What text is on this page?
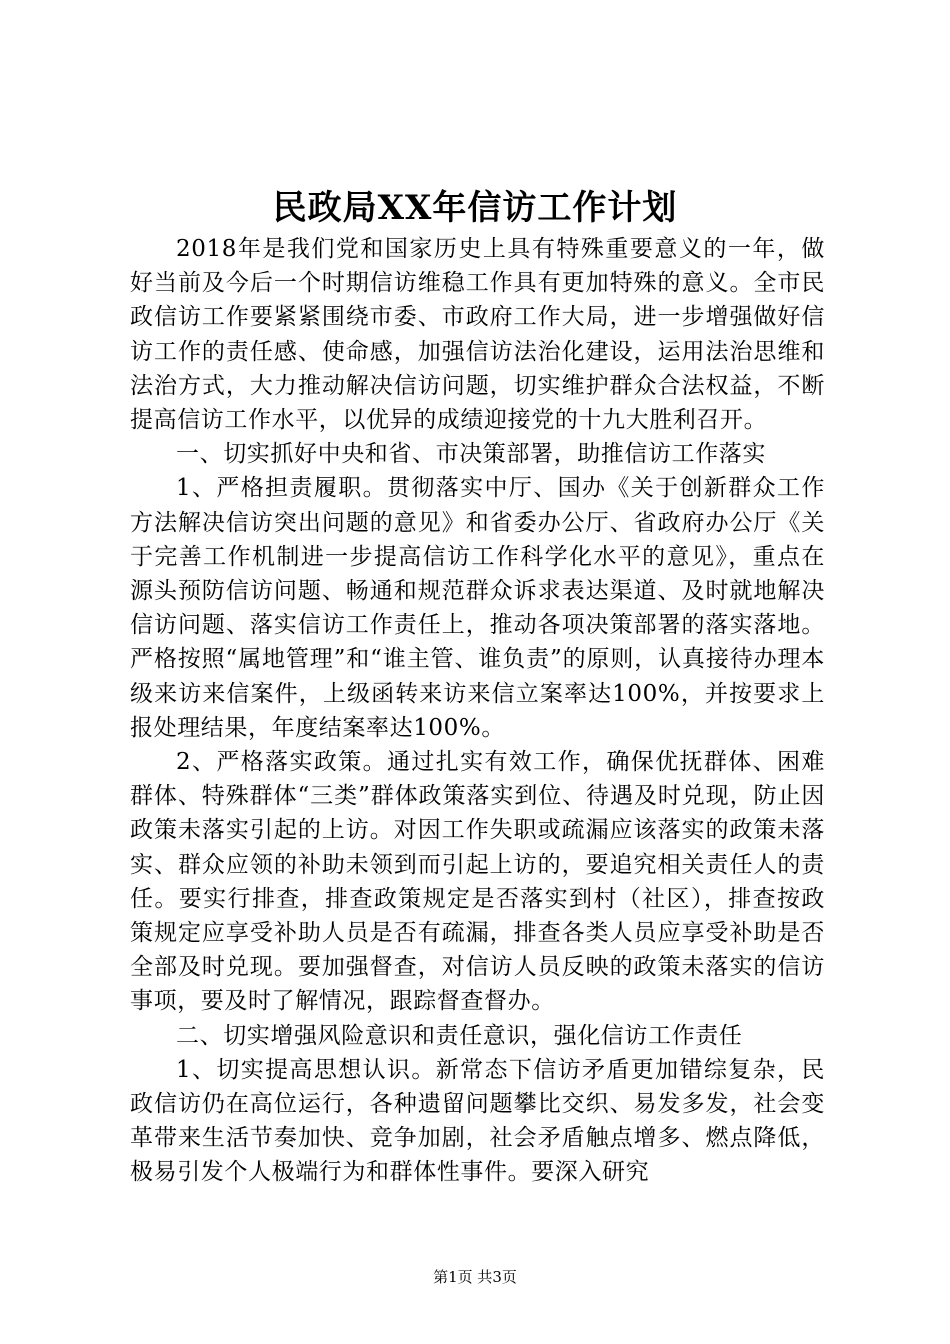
民政局XX年信访工作计划

2018年是我们党和国家历史上具有特殊重要意义的一年，做好当前及今后一个时期信访维稳工作具有更加特殊的意义。全市民政信访工作要紧紧围绕市委、市政府工作大局，进一步增强做好信访工作的责任感、使命感，加强信访法治化建设，运用法治思维和法治方式，大力推动解决信访问题，切实维护群众合法权益，不断提高信访工作水平，以优异的成绩迎接党的十九大胜利召开。

一、切实抓好中央和省、市决策部署，助推信访工作落实

1、严格担责履职。贯彻落实中厅、国办《关于创新群众工作方法解决信访突出问题的意见》和省委办公厅、省政府办公厅《关于完善工作机制进一步提高信访工作科学化水平的意见》，重点在源头预防信访问题、畅通和规范群众诉求表达渠道、及时就地解决信访问题、落实信访工作责任上，推动各项决策部署的落实落地。严格按照“属地管理”和“谁主管、谁负责”的原则，认真接待办理本级来访来信案件，上级函转来访来信立案率达100%，并按要求上报处理结果，年度结案率达100%。

2、严格落实政策。通过扎实有效工作，确保优抚群体、困难群体、特殊群体“三类”群体政策落实到位、待遇及时兑现，防止因政策未落实引起的上访。对因工作失职或疏漏应该落实的政策未落实、群众应领的补助未领到而引起上访的，要追究相关责任人的责任。要实行排查，排查政策规定是否落实到村（社区），排查按政策规定应享受补助人员是否有疏漏，排查各类人员应享受补助是否全部及时兑现。要加强督查，对信访人员反映的政策未落实的信访事项，要及时了解情况，跟踪督查督办。

二、切实增强风险意识和责任意识，强化信访工作责任

1、切实提高思想认识。新常态下信访矛盾更加错综复杂，民政信访仍在高位运行，各种遗留问题攀比交织、易发多发，社会变革带来生活节奏加快、竞争加剧，社会矛盾触点增多、燃点降低，极易引发个人极端行为和群体性事件。要深入研究

第1页 共3页
